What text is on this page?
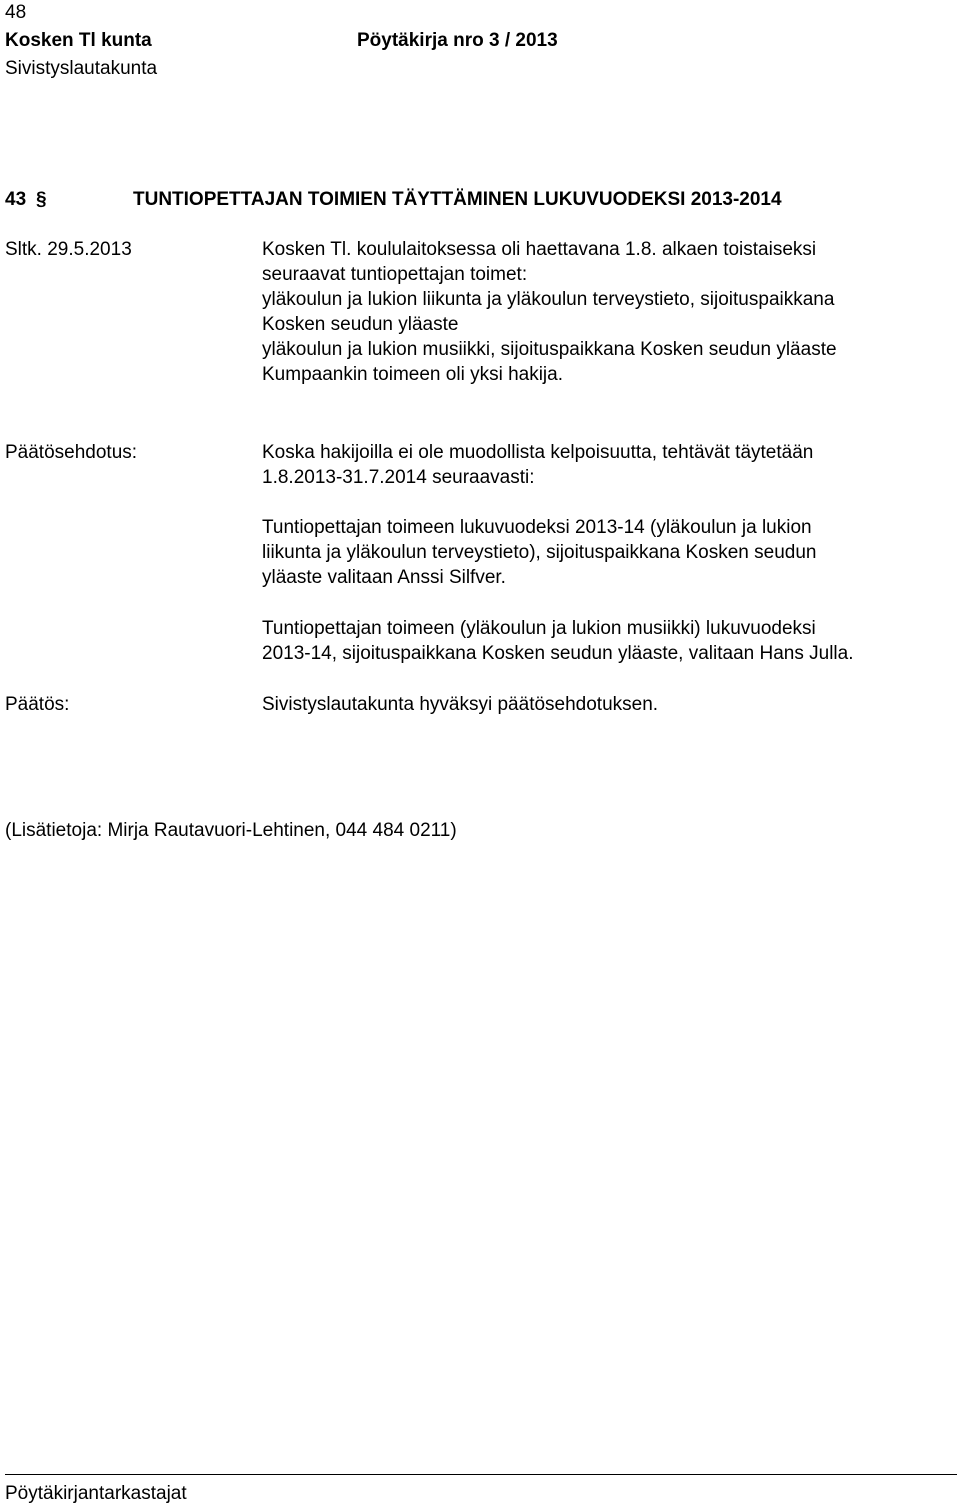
48
Kosken Tl kunta	Pöytäkirja nro 3 / 2013
Sivistyslautakunta
43 §	TUNTIOPETTAJAN TOIMIEN TÄYTTÄMINEN LUKUVUODEKSI 2013-2014
Sltk. 29.5.2013	Kosken Tl. koululaitoksessa oli haettavana 1.8. alkaen toistaiseksi
seuraavat tuntiopettajan toimet:
yläkoulun ja lukion liikunta ja yläkoulun terveystieto, sijoituspaikkana
Kosken seudun yläaste
yläkoulun ja lukion musiikki, sijoituspaikkana Kosken seudun yläaste
Kumpaankin toimeen oli yksi hakija.
Päätösehdotus:	Koska hakijoilla ei ole muodollista kelpoisuutta, tehtävät täytetään
1.8.2013-31.7.2014 seuraavasti:
Tuntiopettajan toimeen lukuvuodeksi 2013-14 (yläkoulun ja lukion
liikunta ja yläkoulun terveystieto), sijoituspaikkana Kosken seudun
yläaste valitaan Anssi Silfver.
Tuntiopettajan toimeen (yläkoulun ja lukion musiikki) lukuvuodeksi
2013-14, sijoituspaikkana Kosken seudun yläaste, valitaan Hans Julla.
Päätös:	Sivistyslautakunta hyväksyi päätösehdotuksen.
(Lisätietoja: Mirja Rautavuori-Lehtinen, 044 484 0211)
Pöytäkirjantarkastajat
